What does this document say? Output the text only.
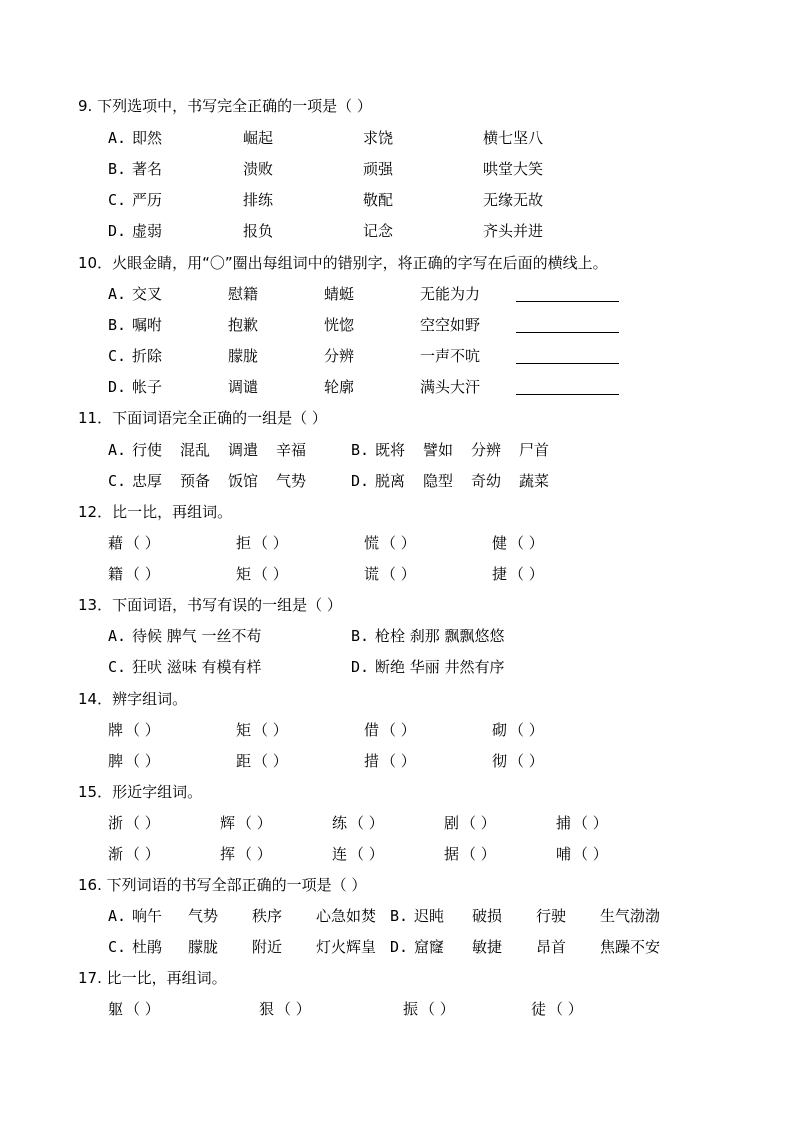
9. 下列选项中，书写完全正确的一项是（ ）
A. 即然	崛起	求饶	横七坚八
B. 著名	溃败	顽强	哄堂大笑
C. 严历	排练	敬配	无缘无故
D. 虚弱	报负	记念	齐头并进
10．火眼金睛，用“〇”圈出每组词中的错别字，将正确的字写在后面的横线上。
A. 交叉	慰籍	蜻蜓	无能为力
B. 嘱咐	抱歉	恍惚	空空如野
C. 折除	朦胧	分辨	一声不吭
D. 帐子	调谴	轮廓	满头大汗
11．下面词语完全正确的一组是（ ）
A. 行使 混乱 调遣 辛福	B. 既将 譬如 分辨 尸首
C. 忠厚 预备 饭馆 气势	D. 脱离 隐型 奇幼 蔬菜
12．比一比，再组词。
藉 （ ）	拒 （ ）	慌 （ ）	健 （ ）
籍 （ ）	矩 （ ）	谎 （ ）	捷 （ ）
13．下面词语，书写有误的一组是（ ）
A. 待候 脾气 一丝不苟	B. 枪栓 刹那 飘飘悠悠
C. 狂吠 滋味 有模有样	D. 断绝 华丽 井然有序
14．辨字组词。
牌 （ ）	矩 （ ）	借 （ ）	砌 （ ）
脾 （ ）	距 （ ）	措 （ ）	彻 （ ）
15．形近字组词。
浙 （ ）	辉 （ ）	练 （ ）	剧 （ ）	捕 （ ）
渐 （ ）	挥 （ ）	连 （ ）	据 （ ）	哺 （ ）
16. 下列词语的书写全部正确的一项是（ ）
A. 响午 气势 秩序 心急如焚 B. 迟盹 破损 行驶 生气渤渤
C. 杜鹃 朦胧 附近 灯火辉皇 D. 窟窿 敏捷 昂首 焦躁不安
17. 比一比，再组词。
躯 （ ）	狠 （ ）	振 （ ）	徒 （ ）
